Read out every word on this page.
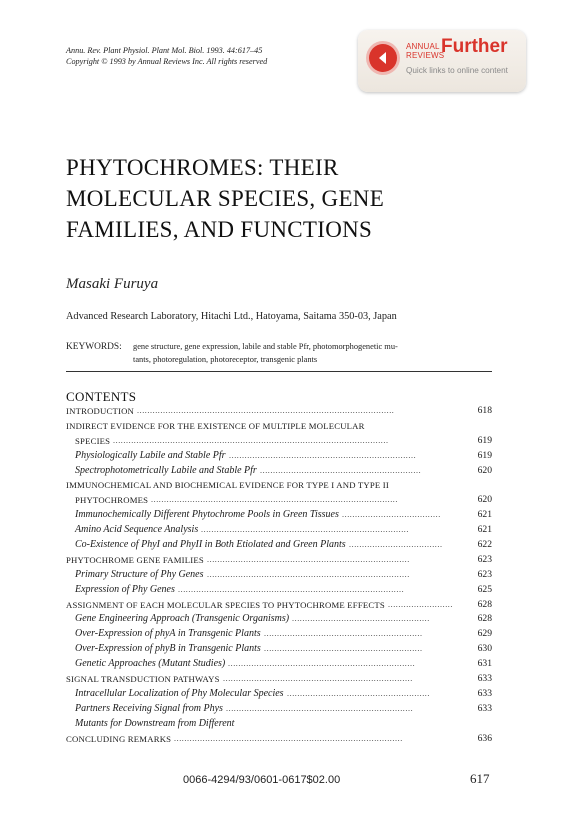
Annu. Rev. Plant Physiol. Plant Mol. Biol. 1993. 44:617–45
Copyright © 1993 by Annual Reviews Inc. All rights reserved
ANNUAL
REVIEWS
Further
Quick links to online content
PHYTOCHROMES: THEIR
MOLECULAR SPECIES, GENE
FAMILIES, AND FUNCTIONS
Masaki Furuya
Advanced Research Laboratory, Hitachi Ltd., Hatoyama, Saitama 350-03, Japan
KEYWORDS: gene structure, gene expression, labile and stable Pfr, photomorphogenetic mu-
tants, photoregulation, photoreceptor, transgenic plants
CONTENTS
INTRODUCTION ...................................................................................................	618
INDIRECT EVIDENCE FOR THE EXISTENCE OF MULTIPLE MOLECULAR
SPECIES ..........................................................................................................	619
Physiologically Labile and Stable Pfr ........................................................................	619
Spectrophotometrically Labile and Stable Pfr ..............................................................	620
IMMUNOCHEMICAL AND BIOCHEMICAL EVIDENCE FOR TYPE I AND TYPE II
PHYTOCHROMES ...............................................................................................	620
Immunochemically Different Phytochrome Pools in Green Tissues ......................................	621
Amino Acid Sequence Analysis ................................................................................	621
Co-Existence of PhyI and PhyII in Both Etiolated and Green Plants ....................................	622
PHYTOCHROME GENE FAMILIES ..............................................................................	623
Primary Structure of Phy Genes ..............................................................................	623
Expression of Phy Genes .......................................................................................	625
ASSIGNMENT OF EACH MOLECULAR SPECIES TO PHYTOCHROME EFFECTS .........................	628
Gene Engineering Approach (Transgenic Organisms) .....................................................	628
Over-Expression of phyA in Transgenic Plants .............................................................	629
Over-Expression of phyB in Transgenic Plants .............................................................	630
Genetic Approaches (Mutant Studies) ........................................................................	631
SIGNAL TRANSDUCTION PATHWAYS .........................................................................	633
Intracellular Localization of Phy Molecular Species .......................................................	633
Partners Receiving Signal from Phys ........................................................................	633
Mutants for Downstream from Different
CONCLUDING REMARKS ........................................................................................	636
0066-4294/93/0601-0617$02.00	617
